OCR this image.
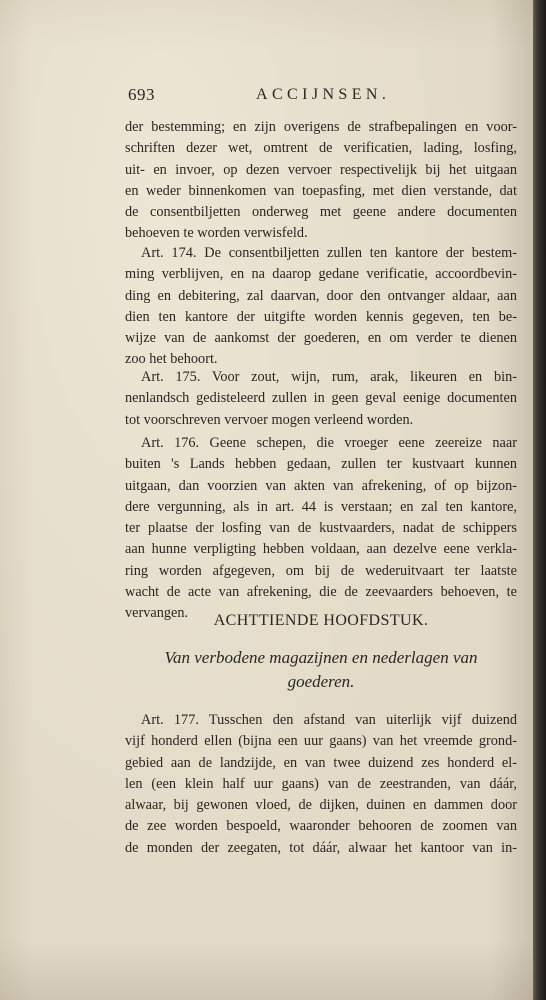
693	ACCIJNSEN.
der bestemming; en zijn overigens de strafbepalingen en voor-
schriften dezer wet, omtrent de verificatien, lading, losfing,
uit- en invoer, op dezen vervoer respectivelijk bij het uitgaan
en weder binnenkomen van toepasfing, met dien verstande, dat
de consentbiljetten onderweg met geene andere documenten
behoeven te worden verwisfeld.
Art. 174. De consentbiljetten zullen ten kantore der bestem-
ming verblijven, en na daarop gedane verificatie, accoordbevin-
ding en debitering, zal daarvan, door den ontvanger aldaar, aan
dien ten kantore der uitgifte worden kennis gegeven, ten be-
wijze van de aankomst der goederen, en om verder te dienen
zoo het behoort.
Art. 175. Voor zout, wijn, rum, arak, likeuren en bin-
nenlandsch gedisteleerd zullen in geen geval eenige documenten
tot voorschreven vervoer mogen verleend worden.
Art. 176. Geene schepen, die vroeger eene zeereize naar
buiten 's Lands hebben gedaan, zullen ter kustvaart kunnen
uitgaan, dan voorzien van akten van afrekening, of op bijzon-
dere vergunning, als in art. 44 is verstaan; en zal ten kantore,
ter plaatse der losfing van de kustvaarders, nadat de schippers
aan hunne verpligting hebben voldaan, aan dezelve eene verkla-
ring worden afgegeven, om bij de wederuitvaart ter laatste
wacht de acte van afrekening, die de zeevaarders behoeven, te
vervangen.	ACHTTIENDE HOOFDSTUK.
Van verbodene magazijnen en nederlagen van
goederen.
Art. 177. Tusschen den afstand van uiterlijk vijf duizend
vijf honderd ellen (bijna een uur gaans) van het vreemde grond-
gebied aan de landzijde, en van twee duizend zes honderd el-
len (een klein half uur gaans) van de zeestranden, van dáár,
alwaar, bij gewonen vloed, de dijken, duinen en dammen door
de zee worden bespoeld, waaronder behooren de zoomen van
de monden der zeegaten, tot dáár, alwaar het kantoor van in-
